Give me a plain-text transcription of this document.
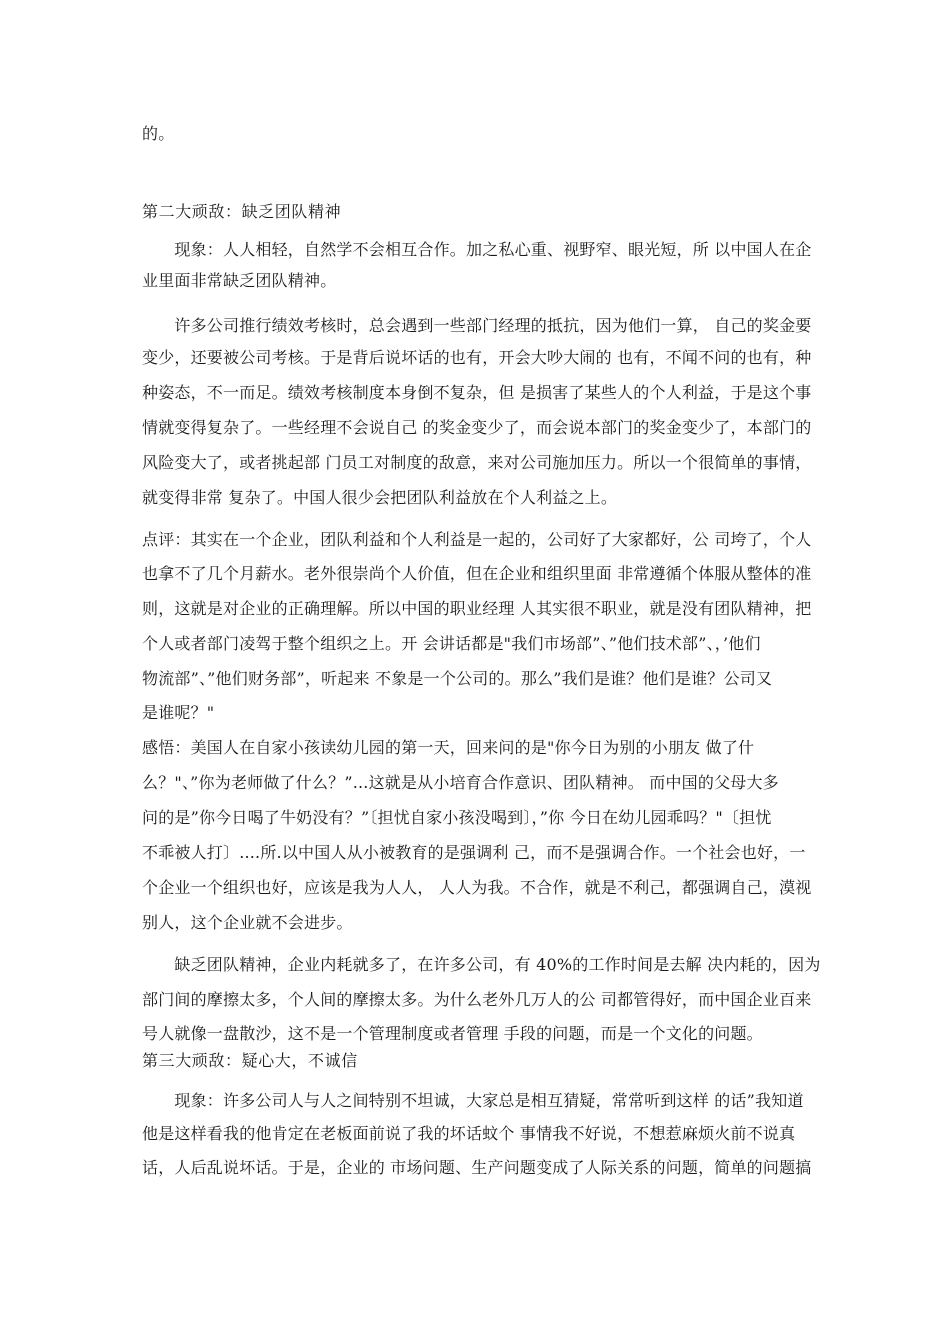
的。
第二大顽敌：缺乏团队精神
　　现象：人人相轻，自然学不会相互合作。加之私心重、视野窄、眼光短，所 以中国人在企
业里面非常缺乏团队精神。
　　许多公司推行绩效考核时，总会遇到一些部门经理的抵抗，因为他们一算， 自己的奖金要
变少，还要被公司考核。于是背后说坏话的也有，开会大吵大闹的 也有，不闻不问的也有，种
种姿态，不一而足。绩效考核制度本身倒不复杂，但 是损害了某些人的个人利益，于是这个事
情就变得复杂了。一些经理不会说自己 的奖金变少了，而会说本部门的奖金变少了，本部门的
风险变大了，或者挑起部 门员工对制度的敌意，来对公司施加压力。所以一个很简单的事情，
就变得非常 复杂了。中国人很少会把团队利益放在个人利益之上。
点评：其实在一个企业，团队利益和个人利益是一起的，公司好了大家都好，公 司垮了，个人
也拿不了几个月薪水。老外很崇尚个人价值，但在企业和组织里面 非常遵循个体服从整体的准
则，这就是对企业的正确理解。所以中国的职业经理 人其实很不职业，就是没有团队精神，把
个人或者部门凌驾于整个组织之上。开 会讲话都是"我们市场部”、”他们技术部”、，’他们
物流部”、”他们财务部”，听起来 不象是一个公司的。那么”我们是谁？他们是谁？公司又
是谁呢？"
感悟：美国人在自家小孩读幼儿园的第一天，回来问的是"你今日为别的小朋友 做了什
么？"、”你为老师做了什么？”...这就是从小培育合作意识、团队精神。 而中国的父母大多
问的是”你今日喝了牛奶没有？”〔担忧自家小孩没喝到〕，”你 今日在幼儿园乖吗？"〔担忧
不乖被人打〕....所.以中国人从小被教育的是强调利 己，而不是强调合作。一个社会也好，一
个企业一个组织也好，应该是我为人人， 人人为我。不合作，就是不利己，都强调自己，漠视
别人，这个企业就不会进步。
　　缺乏团队精神，企业内耗就多了，在许多公司，有 40%的工作时间是去解 决内耗的，因为
部门间的摩擦太多，个人间的摩擦太多。为什么老外几万人的公 司都管得好，而中国企业百来
号人就像一盘散沙，这不是一个管理制度或者管理 手段的问题，而是一个文化的问题。
第三大顽敌：疑心大，不诚信
　　现象：许多公司人与人之间特别不坦诚，大家总是相互猜疑，常常听到这样 的话”我知道
他是这样看我的他肯定在老板面前说了我的坏话蚊个 事情我不好说，不想惹麻烦火前不说真
话，人后乱说坏话。于是，企业的 市场问题、生产问题变成了人际关系的问题，简单的问题搞
